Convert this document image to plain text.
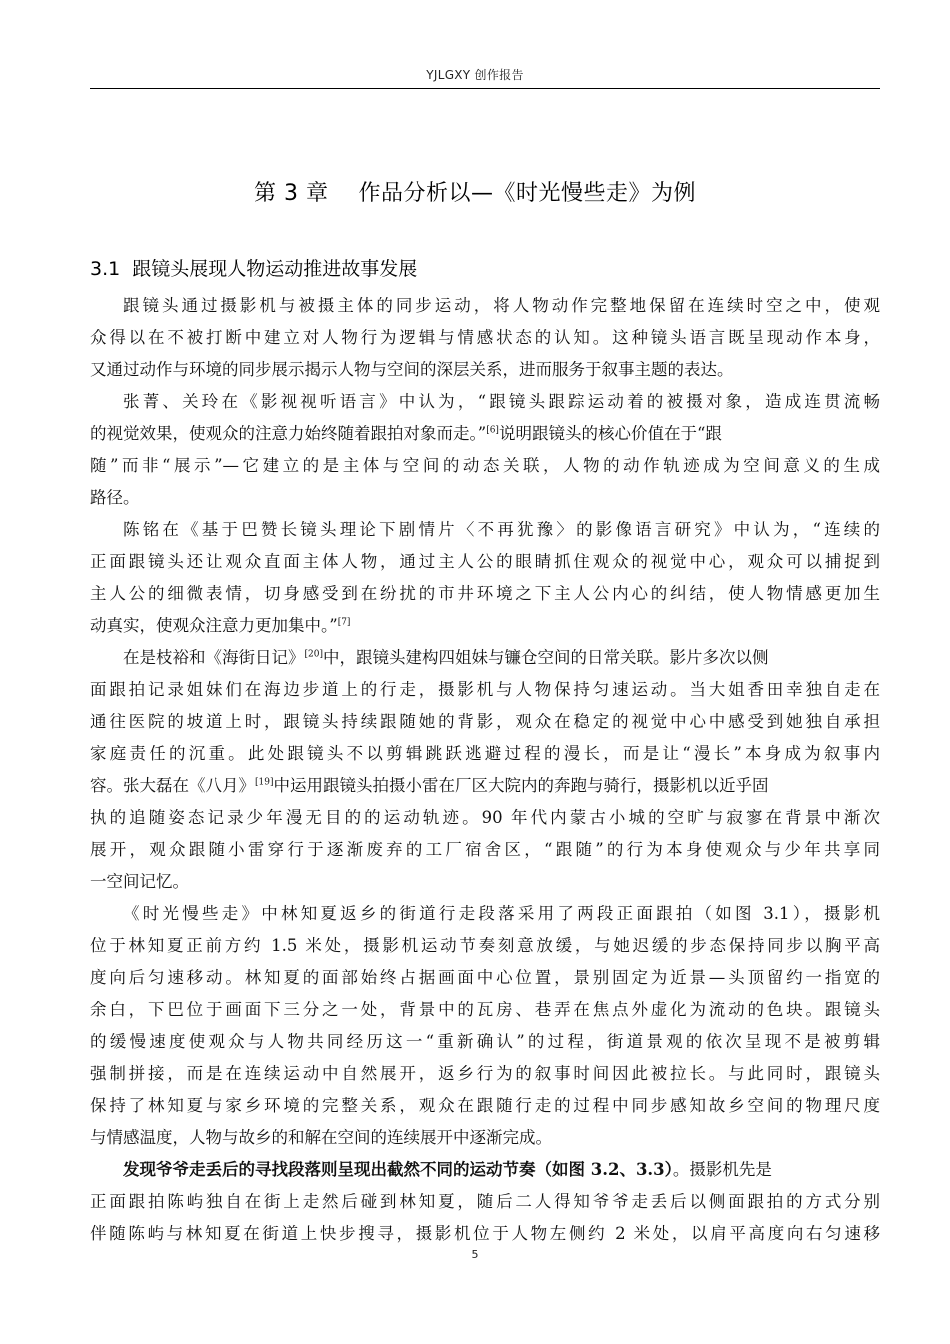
YJLGXY 创作报告
第 3 章    作品分析以—《时光慢些走》为例
3.1  跟镜头展现人物运动推进故事发展
跟镜头通过摄影机与被摄主体的同步运动，将人物动作完整地保留在连续时空之中，使观
众得以在不被打断中建立对人物行为逻辑与情感状态的认知。这种镜头语言既呈现动作本身，
又通过动作与环境的同步展示揭示人物与空间的深层关系，进而服务于叙事主题的表达。
张菁、关玲在《影视视听语言》中认为，“跟镜头跟踪运动着的被摄对象，造成连贯流畅
的视觉效果，使观众的注意力始终随着跟拍对象而走。”[6]说明跟镜头的核心价值在于“跟
随”而非“展示”—它建立的是主体与空间的动态关联，人物的动作轨迹成为空间意义的生成
路径。
陈铭在《基于巴赞长镜头理论下剧情片〈不再犹豫〉的影像语言研究》中认为，“连续的
正面跟镜头还让观众直面主体人物，通过主人公的眼睛抓住观众的视觉中心，观众可以捕捉到
主人公的细微表情，切身感受到在纷扰的市井环境之下主人公内心的纠结，使人物情感更加生
动真实，使观众注意力更加集中。”[7]
在是枝裕和《海街日记》[20]中，跟镜头建构四姐妹与镰仓空间的日常关联。影片多次以侧
面跟拍记录姐妹们在海边步道上的行走，摄影机与人物保持匀速运动。当大姐香田幸独自走在
通往医院的坡道上时，跟镜头持续跟随她的背影，观众在稳定的视觉中心中感受到她独自承担
家庭责任的沉重。此处跟镜头不以剪辑跳跃逃避过程的漫长，而是让“漫长”本身成为叙事内
容。张大磊在《八月》[19]中运用跟镜头拍摄小雷在厂区大院内的奔跑与骑行，摄影机以近乎固
执的追随姿态记录少年漫无目的的运动轨迹。90 年代内蒙古小城的空旷与寂寥在背景中渐次
展开，观众跟随小雷穿行于逐渐废弃的工厂宿舍区，“跟随”的行为本身使观众与少年共享同
一空间记忆。
《时光慢些走》中林知夏返乡的街道行走段落采用了两段正面跟拍（如图 3.1），摄影机
位于林知夏正前方约 1.5 米处，摄影机运动节奏刻意放缓，与她迟缓的步态保持同步以胸平高
度向后匀速移动。林知夏的面部始终占据画面中心位置，景别固定为近景—头顶留约一指宽的
余白，下巴位于画面下三分之一处，背景中的瓦房、巷弄在焦点外虚化为流动的色块。跟镜头
的缓慢速度使观众与人物共同经历这一“重新确认”的过程，街道景观的依次呈现不是被剪辑
强制拼接，而是在连续运动中自然展开，返乡行为的叙事时间因此被拉长。与此同时，跟镜头
保持了林知夏与家乡环境的完整关系，观众在跟随行走的过程中同步感知故乡空间的物理尺度
与情感温度，人物与故乡的和解在空间的连续展开中逐渐完成。
发现爷爷走丢后的寻找段落则呈现出截然不同的运动节奏（如图 3.2、3.3）。摄影机先是
正面跟拍陈屿独自在街上走然后碰到林知夏，随后二人得知爷爷走丢后以侧面跟拍的方式分别
伴随陈屿与林知夏在街道上快步搜寻，摄影机位于人物左侧约 2 米处，以肩平高度向右匀速移
5
